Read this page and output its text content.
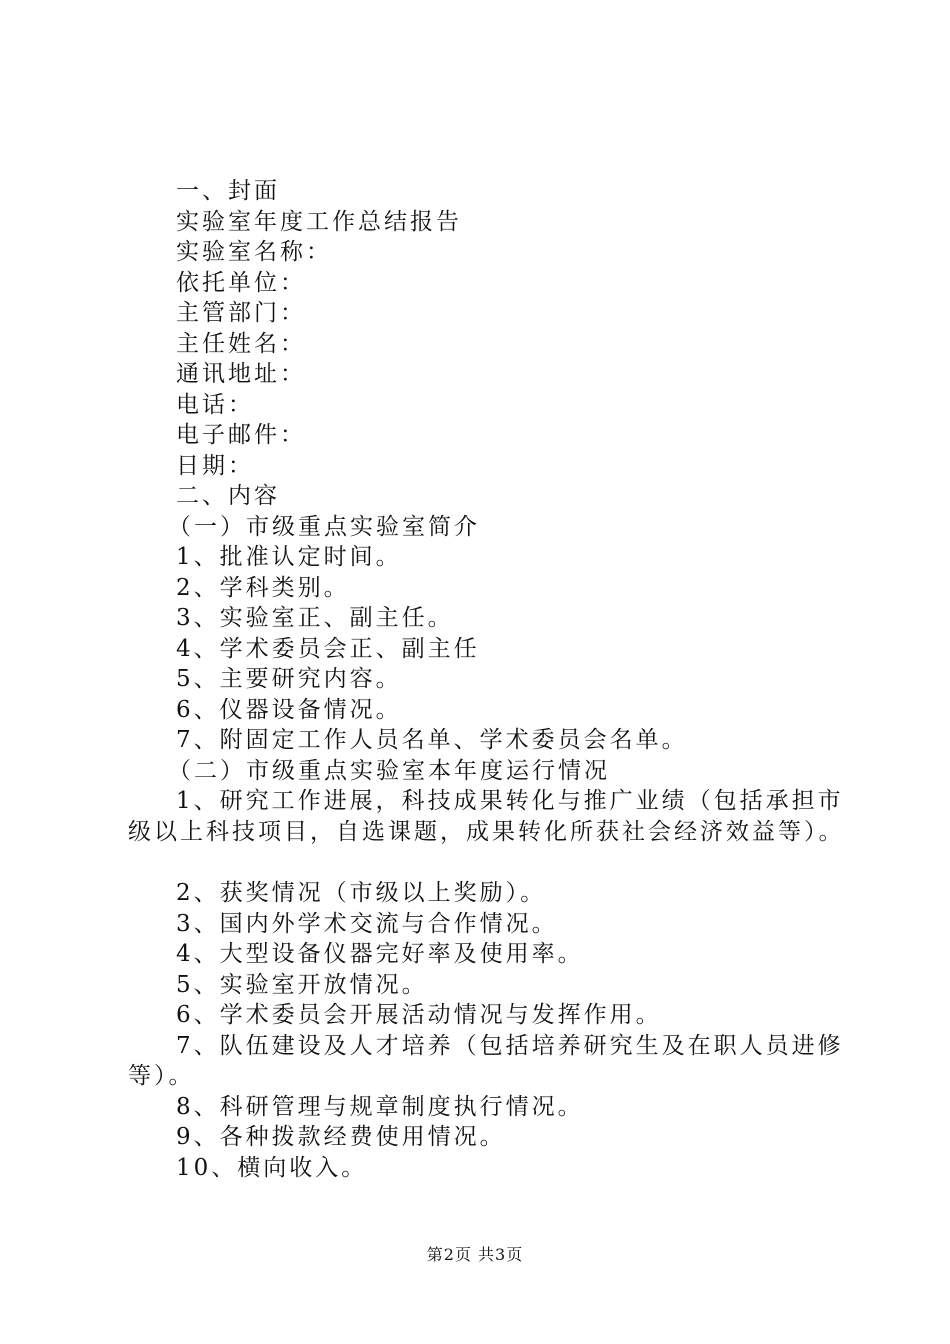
一、封面
实验室年度工作总结报告
实验室名称：
依托单位：
主管部门：
主任姓名：
通讯地址：
电话：
电子邮件：
日期：
二、内容
（一）市级重点实验室简介
1、批准认定时间。
2、学科类别。
3、实验室正、副主任。
4、学术委员会正、副主任
5、主要研究内容。
6、仪器设备情况。
7、附固定工作人员名单、学术委员会名单。
（二）市级重点实验室本年度运行情况
1、研究工作进展，科技成果转化与推广业绩（包括承担市
级以上科技项目，自选课题，成果转化所获社会经济效益等）。
2、获奖情况（市级以上奖励）。
3、国内外学术交流与合作情况。
4、大型设备仪器完好率及使用率。
5、实验室开放情况。
6、学术委员会开展活动情况与发挥作用。
7、队伍建设及人才培养（包括培养研究生及在职人员进修
等）。
8、科研管理与规章制度执行情况。
9、各种拨款经费使用情况。
10、横向收入。
第2页 共3页
